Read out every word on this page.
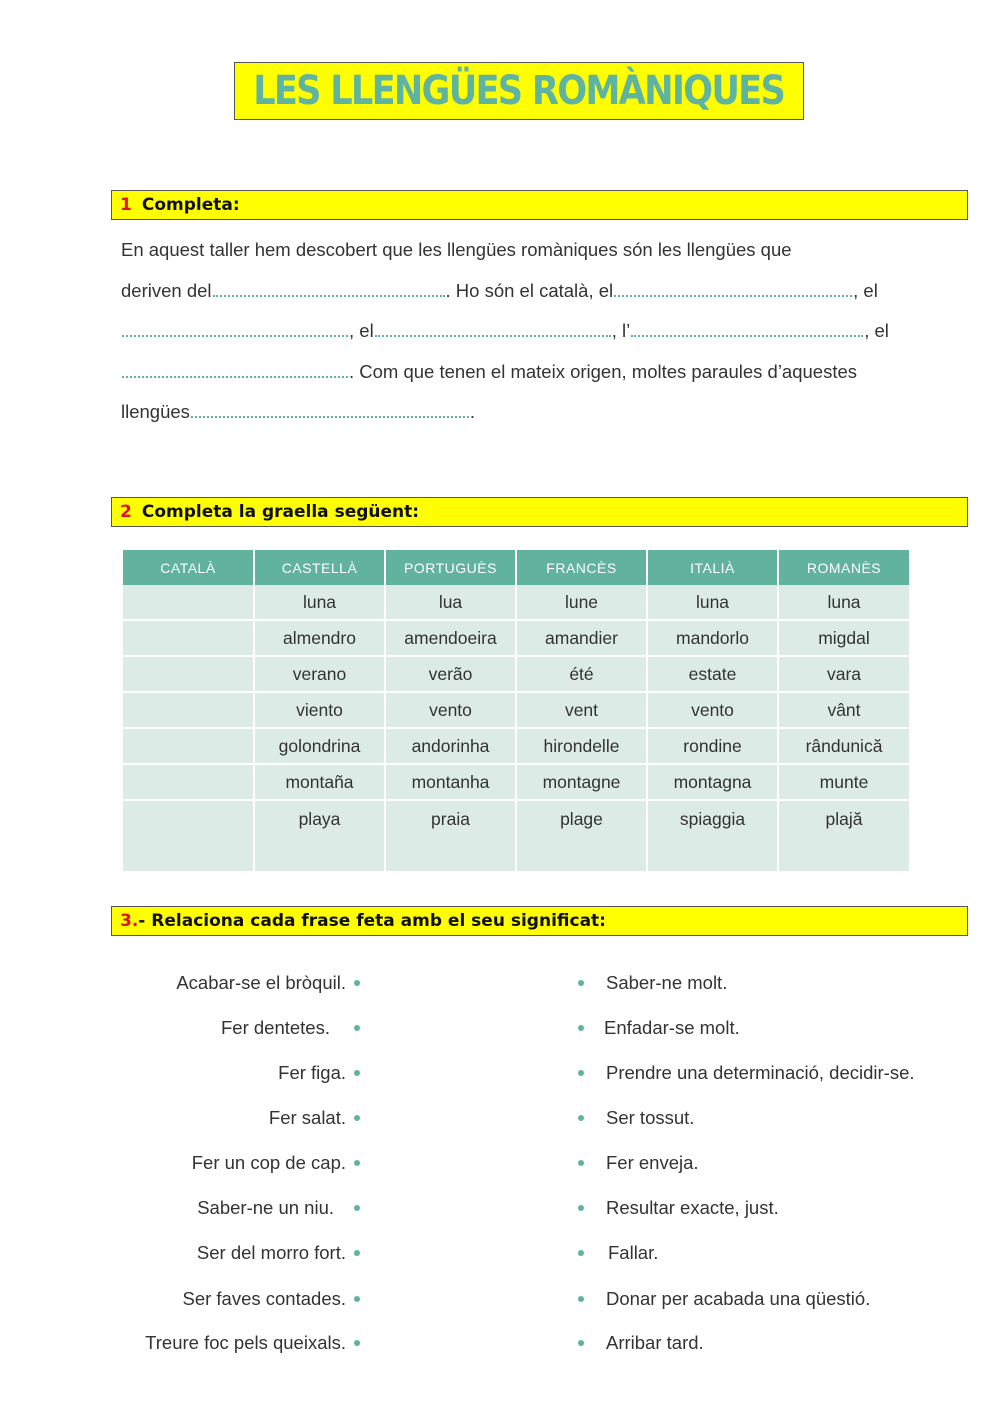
LES LLENGÜES ROMÀNIQUES
1 Completa:
En aquest taller hem descobert que les llengües romàniques són les llengües que
deriven del	. Ho són el català, el	, el
, el	, l’	, el
. Com que tenen el mateix origen, moltes paraules d’aquestes
llengües	.
2 Completa la graella següent:
CATALÀ	CASTELLÀ	PORTUGUÈS	FRANCÈS	ITALIÀ	ROMANÈS
	luna	lua	lune	luna	luna
	almendro	amendoeira	amandier	mandorlo	migdal
	verano	verão	été	estate	vara
	viento	vento	vent	vento	vânt
	golondrina	andorinha	hirondelle	rondine	rândunică
	montaña	montanha	montagne	montagna	munte
	playa	praia	plage	spiaggia	plajă
3. - Relaciona cada frase feta amb el seu significat:
Acabar-se el bròquil.
Fer dentetes.
Fer figa.
Fer salat.
Fer un cop de cap.
Saber-ne un niu.
Ser del morro fort.
Ser faves contades.
Treure foc pels queixals.
Saber-ne molt.
Enfadar-se molt.
Prendre una determinació, decidir-se.
Ser tossut.
Fer enveja.
Resultar exacte, just.
Fallar.
Donar per acabada una qüestió.
Arribar tard.
